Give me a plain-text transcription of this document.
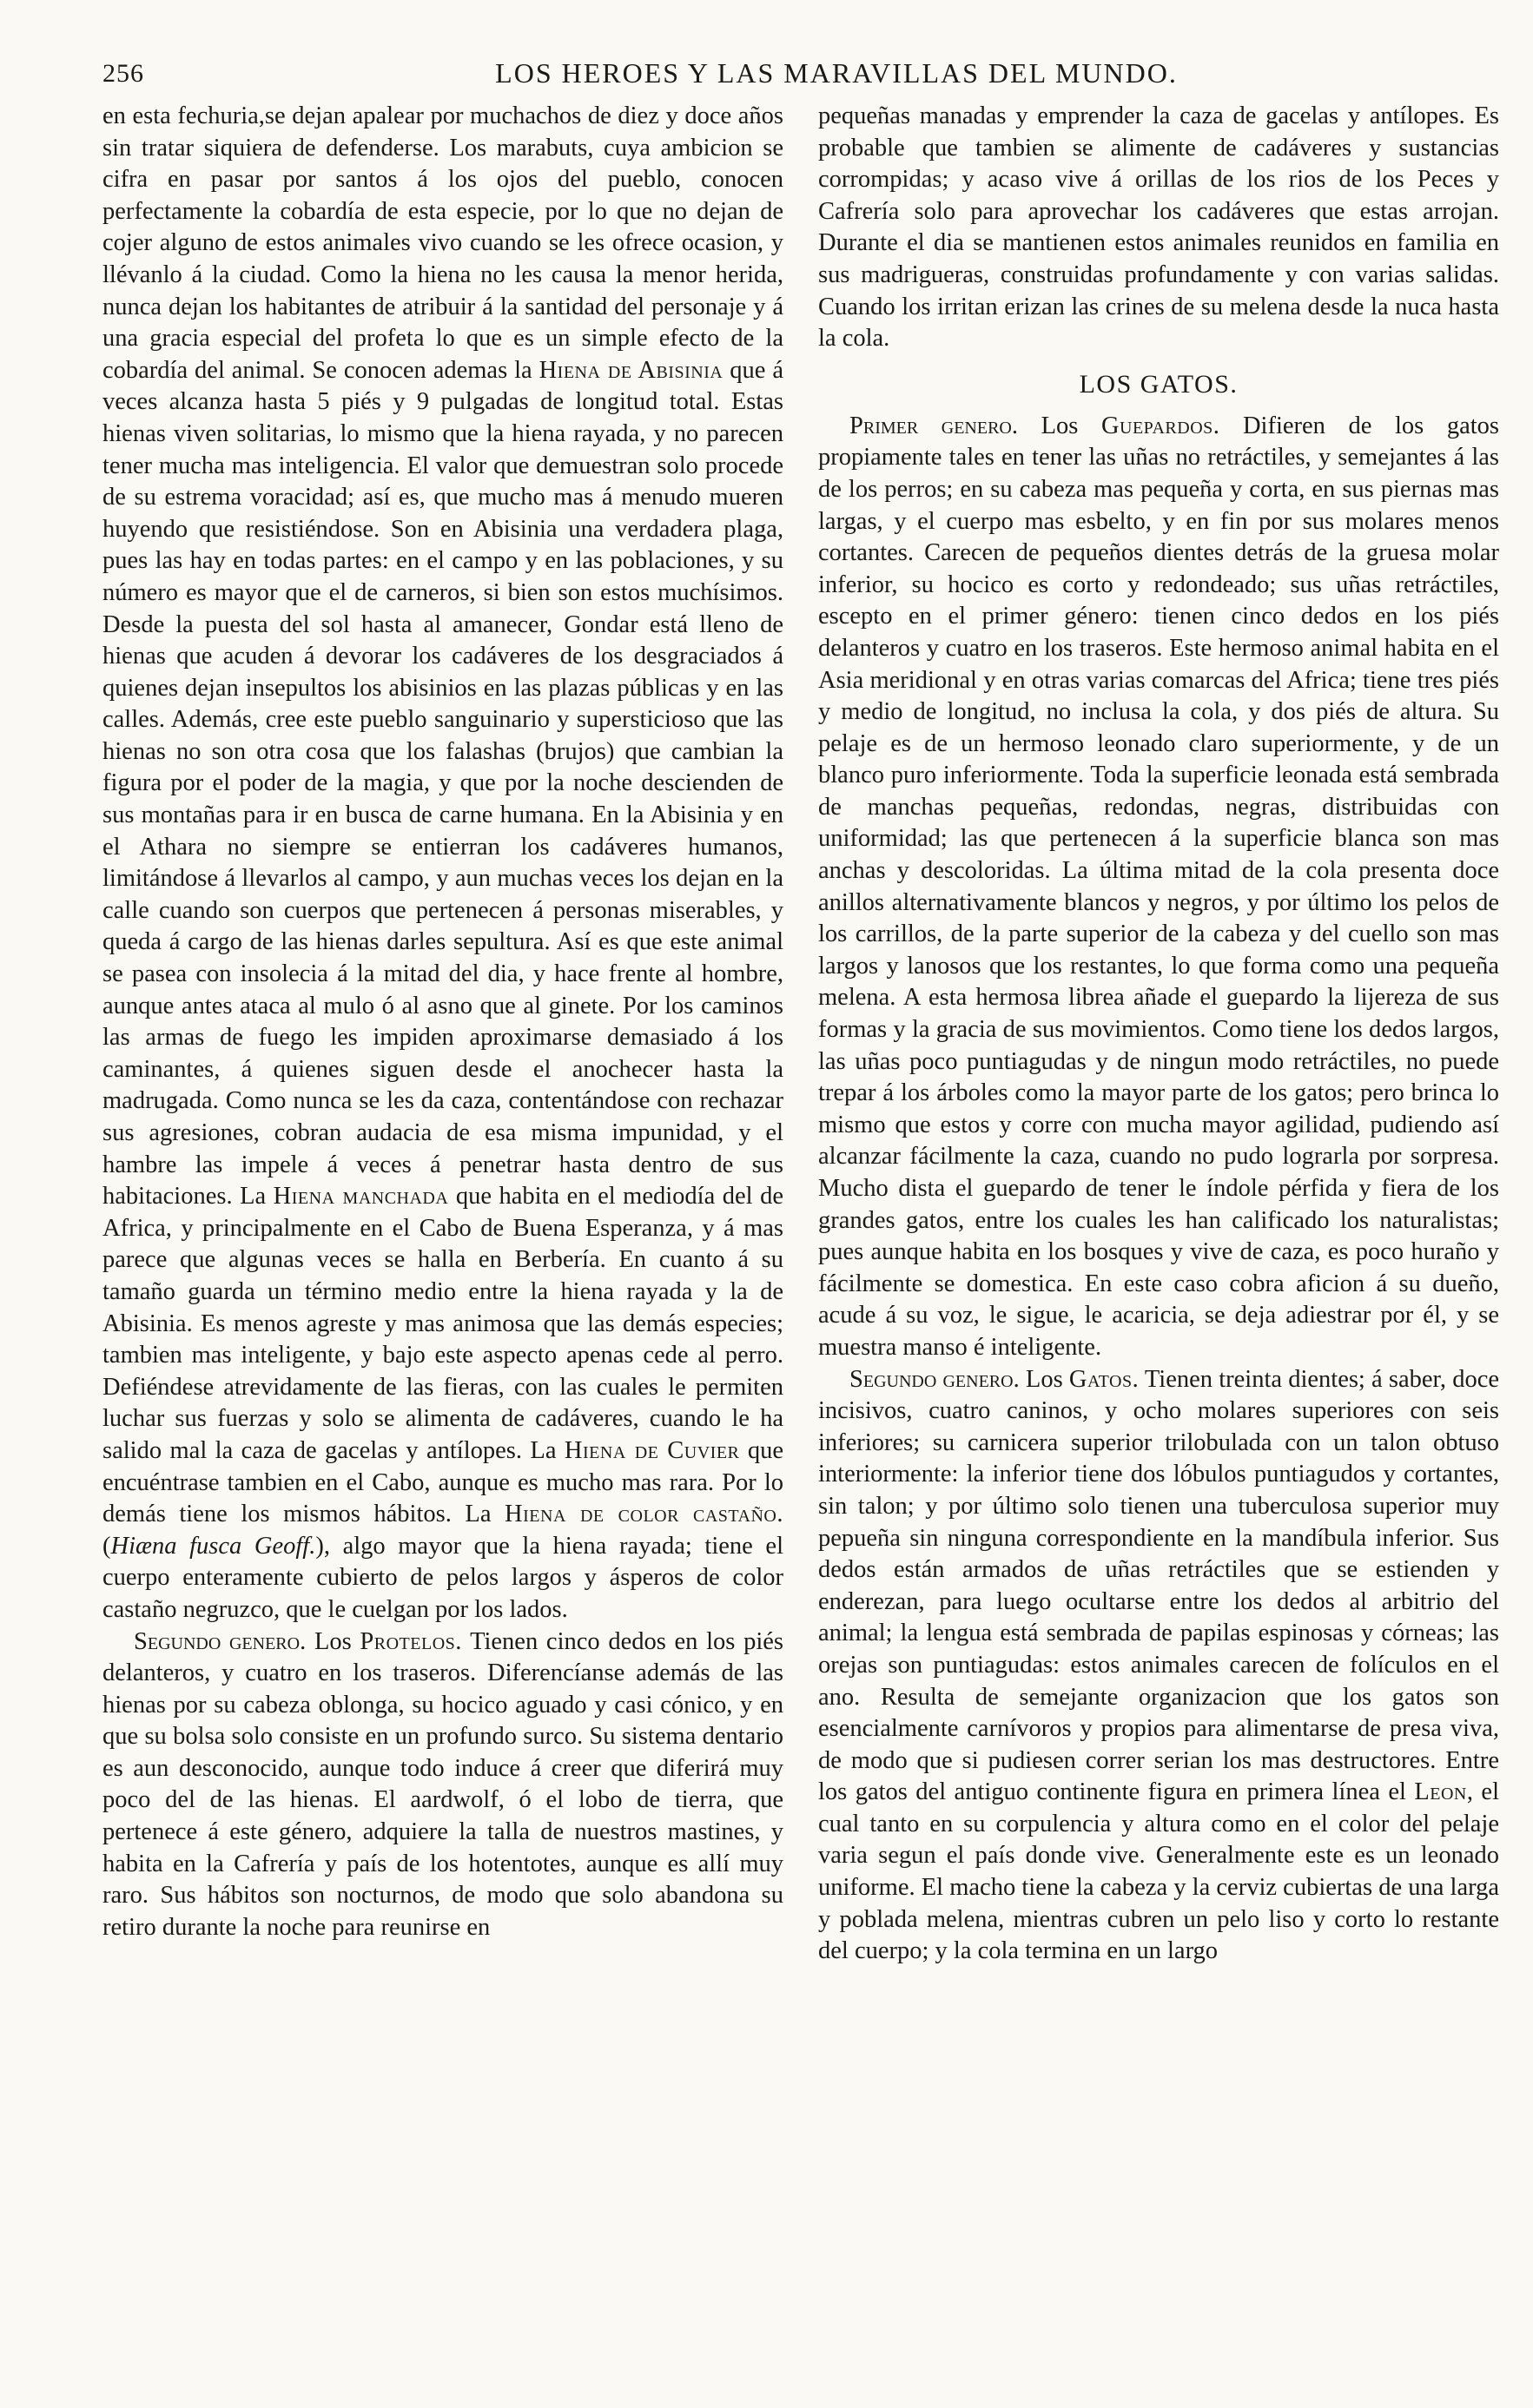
256	LOS HEROES Y LAS MARAVILLAS DEL MUNDO.

en esta fechuria,se dejan apalear por muchachos de diez y doce años sin tratar siquiera de defenderse. Los marabuts, cuya ambicion se cifra en pasar por santos á los ojos del pueblo, conocen perfectamente la cobardía de esta especie, por lo que no dejan de cojer alguno de estos animales vivo cuando se les ofrece ocasion, y llévanlo á la ciudad. Como la hiena no les causa la menor herida, nunca dejan los habitantes de atribuir á la santidad del personaje y á una gracia especial del profeta lo que es un simple efecto de la cobardía del animal. Se conocen ademas la Hiena de Abisinia que á veces alcanza hasta 5 piés y 9 pulgadas de longitud total. Estas hienas viven solitarias, lo mismo que la hiena rayada, y no parecen tener mucha mas inteligencia. El valor que demuestran solo procede de su estrema voracidad; así es, que mucho mas á menudo mueren huyendo que resistiéndose. Son en Abisinia una verdadera plaga, pues las hay en todas partes: en el campo y en las poblaciones, y su número es mayor que el de carneros, si bien son estos muchísimos. Desde la puesta del sol hasta al amanecer, Gondar está lleno de hienas que acuden á devorar los cadáveres de los desgraciados á quienes dejan insepultos los abisinios en las plazas públicas y en las calles. Además, cree este pueblo sanguinario y supersticioso que las hienas no son otra cosa que los falashas (brujos) que cambian la figura por el poder de la magia, y que por la noche descienden de sus montañas para ir en busca de carne humana. En la Abisinia y en el Athara no siempre se entierran los cadáveres humanos, limitándose á llevarlos al campo, y aun muchas veces los dejan en la calle cuando son cuerpos que pertenecen á personas miserables, y queda á cargo de las hienas darles sepultura. Así es que este animal se pasea con insolecia á la mitad del dia, y hace frente al hombre, aunque antes ataca al mulo ó al asno que al ginete. Por los caminos las armas de fuego les impiden aproximarse demasiado á los caminantes, á quienes siguen desde el anochecer hasta la madrugada. Como nunca se les da caza, contentándose con rechazar sus agresiones, cobran audacia de esa misma impunidad, y el hambre las impele á veces á penetrar hasta dentro de sus habitaciones. La Hiena manchada que habita en el mediodía del de Africa, y principalmente en el Cabo de Buena Esperanza, y á mas parece que algunas veces se halla en Berbería. En cuanto á su tamaño guarda un término medio entre la hiena rayada y la de Abisinia. Es menos agreste y mas animosa que las demás especies; tambien mas inteligente, y bajo este aspecto apenas cede al perro. Defiéndese atrevidamente de las fieras, con las cuales le permiten luchar sus fuerzas y solo se alimenta de cadáveres, cuando le ha salido mal la caza de gacelas y antílopes. La Hiena de Cuvier que encuéntrase tambien en el Cabo, aunque es mucho mas rara. Por lo demás tiene los mismos hábitos. La Hiena de color castaño. (Hiæna fusca Geoff.), algo mayor que la hiena rayada; tiene el cuerpo enteramente cubierto de pelos largos y ásperos de color castaño negruzco, que le cuelgan por los lados.

Segundo genero. Los Protelos. Tienen cinco dedos en los piés delanteros, y cuatro en los traseros. Diferencíanse además de las hienas por su cabeza oblonga, su hocico aguado y casi cónico, y en que su bolsa solo consiste en un profundo surco. Su sistema dentario es aun desconocido, aunque todo induce á creer que diferirá muy poco del de las hienas. El aardwolf, ó el lobo de tierra, que pertenece á este género, adquiere la talla de nuestros mastines, y habita en la Cafrería y país de los hotentotes, aunque es allí muy raro. Sus hábitos son nocturnos, de modo que solo abandona su retiro durante la noche para reunirse en

pequeñas manadas y emprender la caza de gacelas y antílopes. Es probable que tambien se alimente de cadáveres y sustancias corrompidas; y acaso vive á orillas de los rios de los Peces y Cafrería solo para aprovechar los cadáveres que estas arrojan. Durante el dia se mantienen estos animales reunidos en familia en sus madrigueras, construidas profundamente y con varias salidas. Cuando los irritan erizan las crines de su melena desde la nuca hasta la cola.

LOS GATOS.

Primer genero. Los Guepardos. Difieren de los gatos propiamente tales en tener las uñas no retráctiles, y semejantes á las de los perros; en su cabeza mas pequeña y corta, en sus piernas mas largas, y el cuerpo mas esbelto, y en fin por sus molares menos cortantes. Carecen de pequeños dientes detrás de la gruesa molar inferior, su hocico es corto y redondeado; sus uñas retráctiles, escepto en el primer género: tienen cinco dedos en los piés delanteros y cuatro en los traseros. Este hermoso animal habita en el Asia meridional y en otras varias comarcas del Africa; tiene tres piés y medio de longitud, no inclusa la cola, y dos piés de altura. Su pelaje es de un hermoso leonado claro superiormente, y de un blanco puro inferiormente. Toda la superficie leonada está sembrada de manchas pequeñas, redondas, negras, distribuidas con uniformidad; las que pertenecen á la superficie blanca son mas anchas y descoloridas. La última mitad de la cola presenta doce anillos alternativamente blancos y negros, y por último los pelos de los carrillos, de la parte superior de la cabeza y del cuello son mas largos y lanosos que los restantes, lo que forma como una pequeña melena. A esta hermosa librea añade el guepardo la lijereza de sus formas y la gracia de sus movimientos. Como tiene los dedos largos, las uñas poco puntiagudas y de ningun modo retráctiles, no puede trepar á los árboles como la mayor parte de los gatos; pero brinca lo mismo que estos y corre con mucha mayor agilidad, pudiendo así alcanzar fácilmente la caza, cuando no pudo lograrla por sorpresa. Mucho dista el guepardo de tener le índole pérfida y fiera de los grandes gatos, entre los cuales les han calificado los naturalistas; pues aunque habita en los bosques y vive de caza, es poco huraño y fácilmente se domestica. En este caso cobra aficion á su dueño, acude á su voz, le sigue, le acaricia, se deja adiestrar por él, y se muestra manso é inteligente.

Segundo genero. Los Gatos. Tienen treinta dientes; á saber, doce incisivos, cuatro caninos, y ocho molares superiores con seis inferiores; su carnicera superior trilobulada con un talon obtuso interiormente: la inferior tiene dos lóbulos puntiagudos y cortantes, sin talon; y por último solo tienen una tuberculosa superior muy pepueña sin ninguna correspondiente en la mandíbula inferior. Sus dedos están armados de uñas retráctiles que se estienden y enderezan, para luego ocultarse entre los dedos al arbitrio del animal; la lengua está sembrada de papilas espinosas y córneas; las orejas son puntiagudas: estos animales carecen de folículos en el ano. Resulta de semejante organizacion que los gatos son esencialmente carnívoros y propios para alimentarse de presa viva, de modo que si pudiesen correr serian los mas destructores. Entre los gatos del antiguo continente figura en primera línea el Leon, el cual tanto en su corpulencia y altura como en el color del pelaje varia segun el país donde vive. Generalmente este es un leonado uniforme. El macho tiene la cabeza y la cerviz cubiertas de una larga y poblada melena, mientras cubren un pelo liso y corto lo restante del cuerpo; y la cola termina en un largo
